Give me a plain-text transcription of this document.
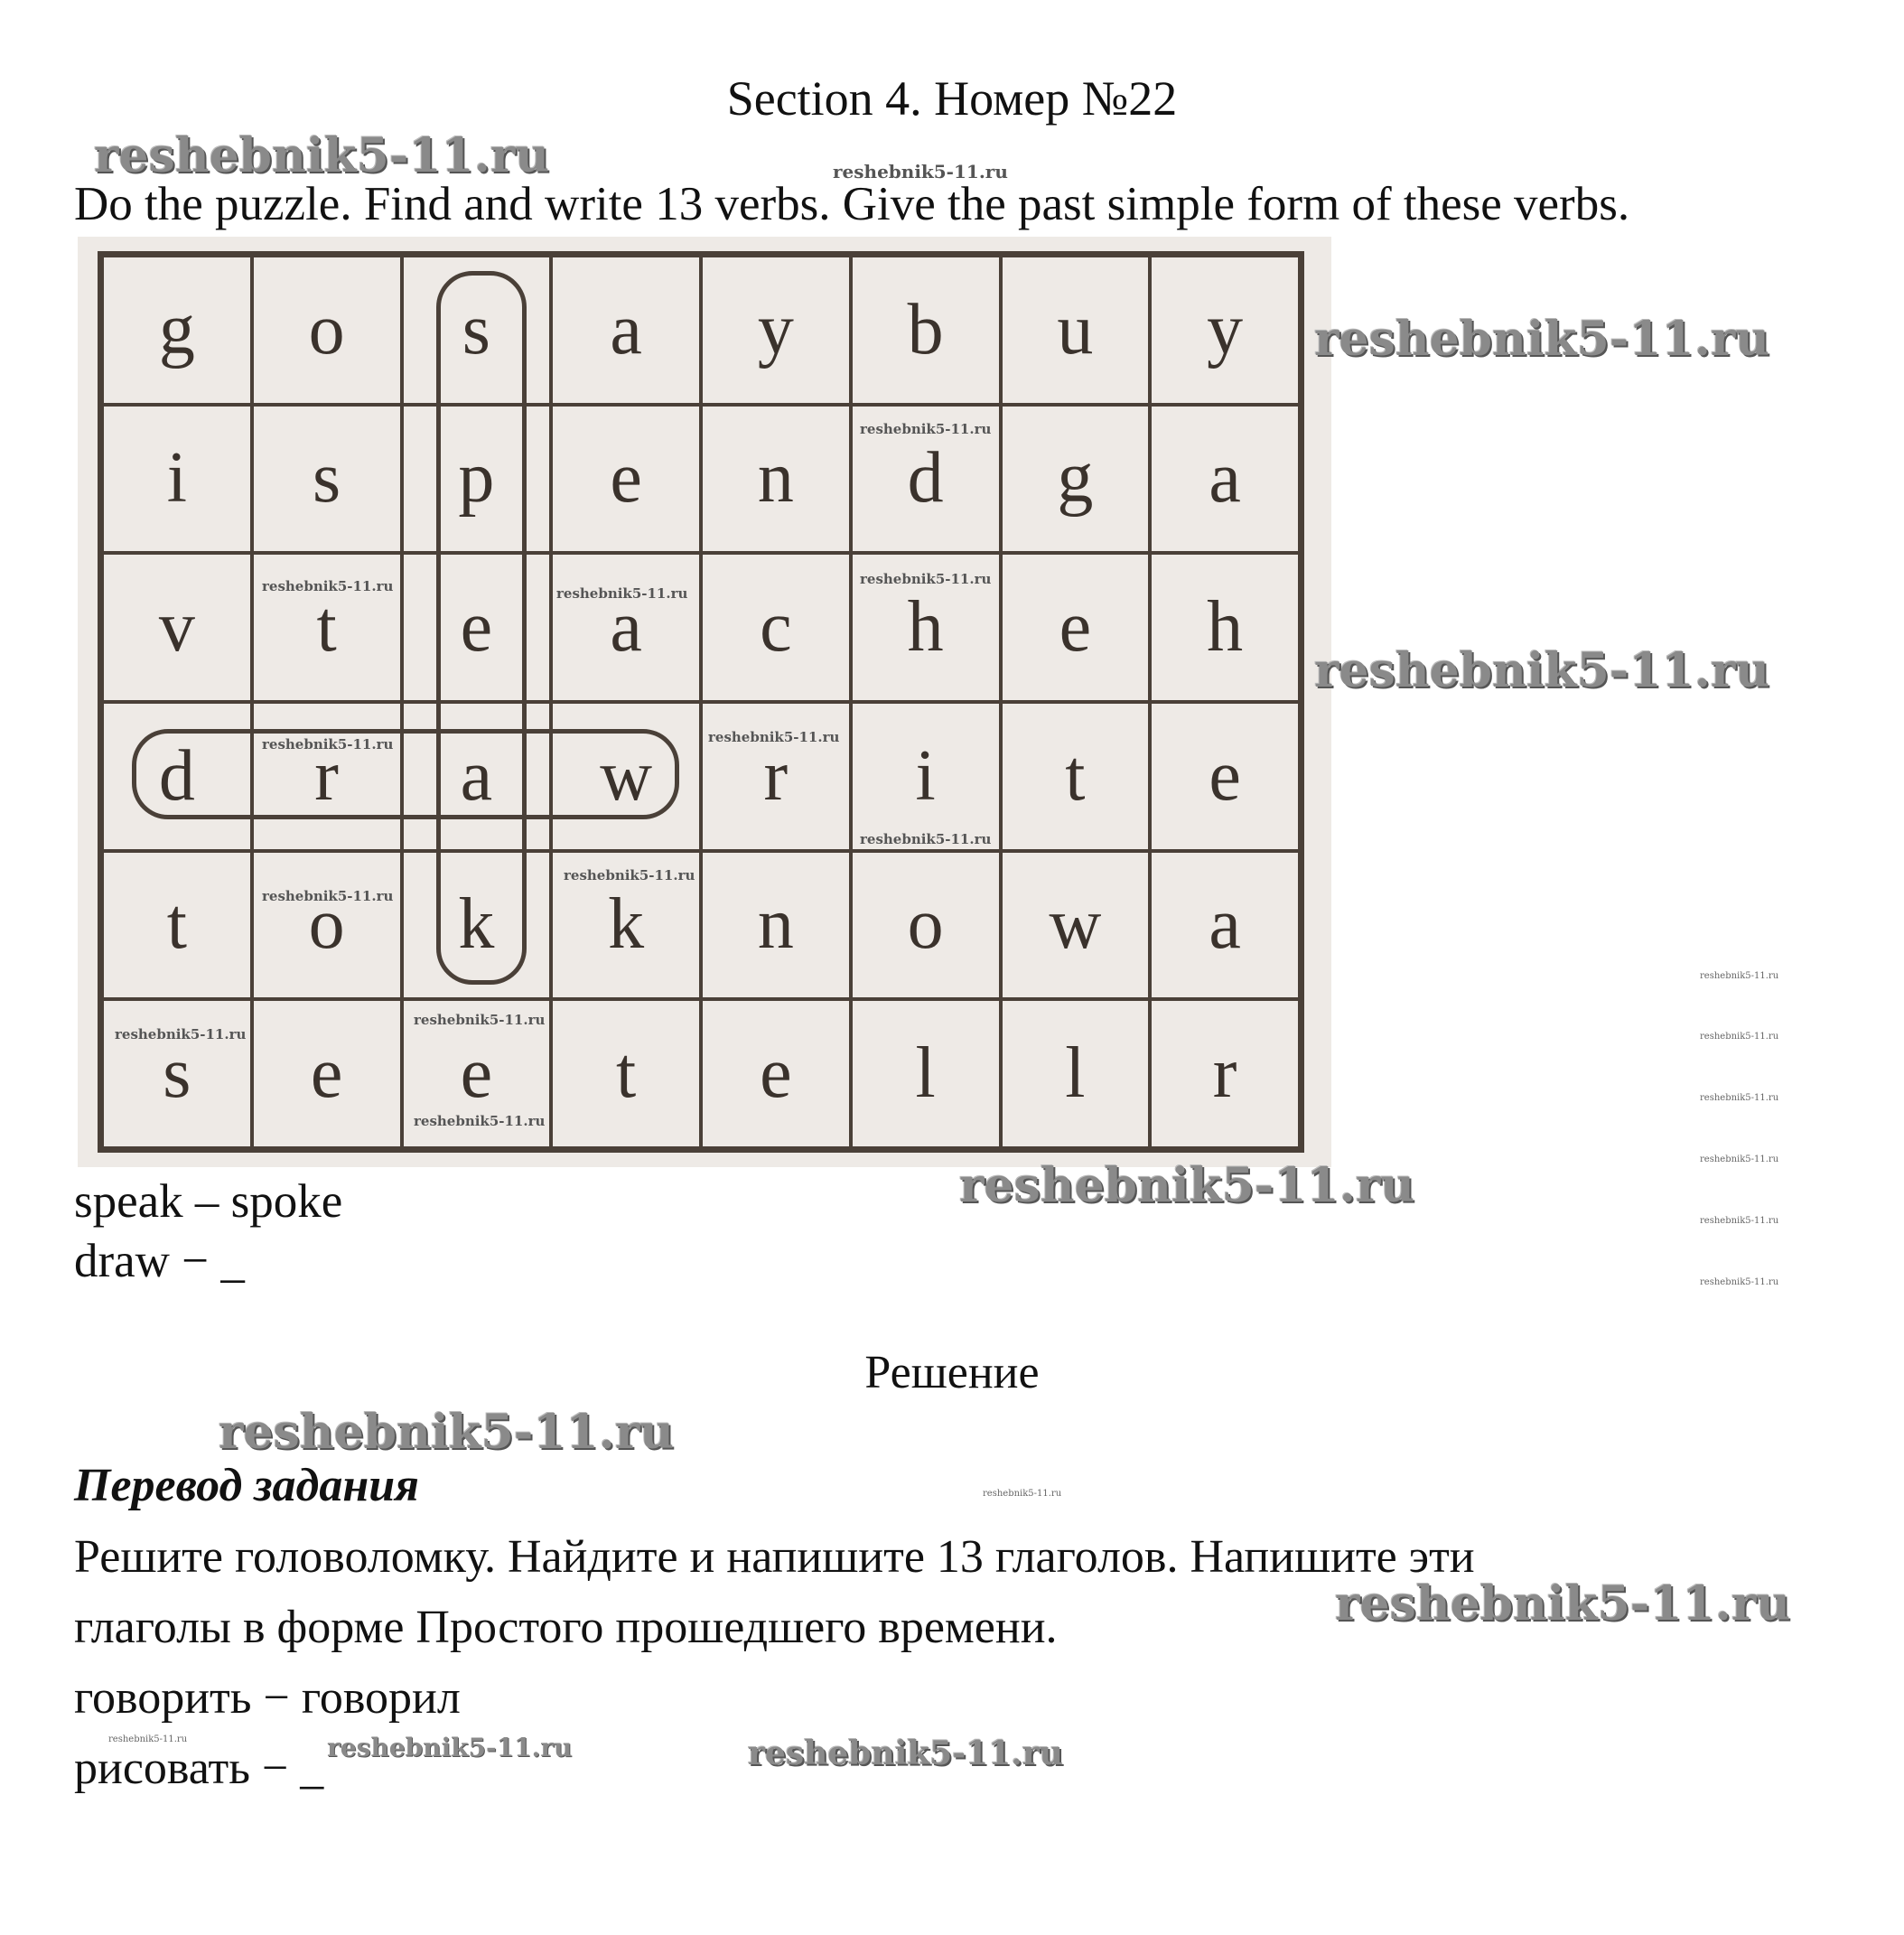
Section 4. Номер №22
Do the puzzle. Find and write 13 verbs. Give the past simple form of these verbs.
g	o	s	a	y	b	u	y
i	s	p	e	n	d	g	a
v	t	e	a	c	h	e	h
d	r	a	w	r	i	t	e
t	o	k	k	n	o	w	a
s	e	e	t	e	l	l	r
speak – spoke
draw − _
Решение
Перевод задания
Решите головоломку. Найдите и напишите 13 глаголов. Напишите эти
глаголы в форме Простого прошедшего времени.
говорить − говорил
рисовать − _
reshebnik5-11.ru	reshebnik5-11.ru
reshebnik5-11.ru
reshebnik5-11.ru
reshebnik5-11.ru
reshebnik5-11.ru
reshebnik5-11.ru
reshebnik5-11.ru
reshebnik5-11.ru
reshebnik5-11.ru
reshebnik5-11.ru	reshebnik5-11.ru
reshebnik5-11.ru
reshebnik5-11.ru	reshebnik5-11.ru
reshebnik5-11.ru
reshebnik5-11.ru
reshebnik5-11.ru
reshebnik5-11.ru
reshebnik5-11.ru
reshebnik5-11.ru
reshebnik5-11.ru
reshebnik5-11.ru
reshebnik5-11.ru
reshebnik5-11.ru
reshebnik5-11.ru
reshebnik5-11.ru
reshebnik5-11.ru
reshebnik5-11.ru
